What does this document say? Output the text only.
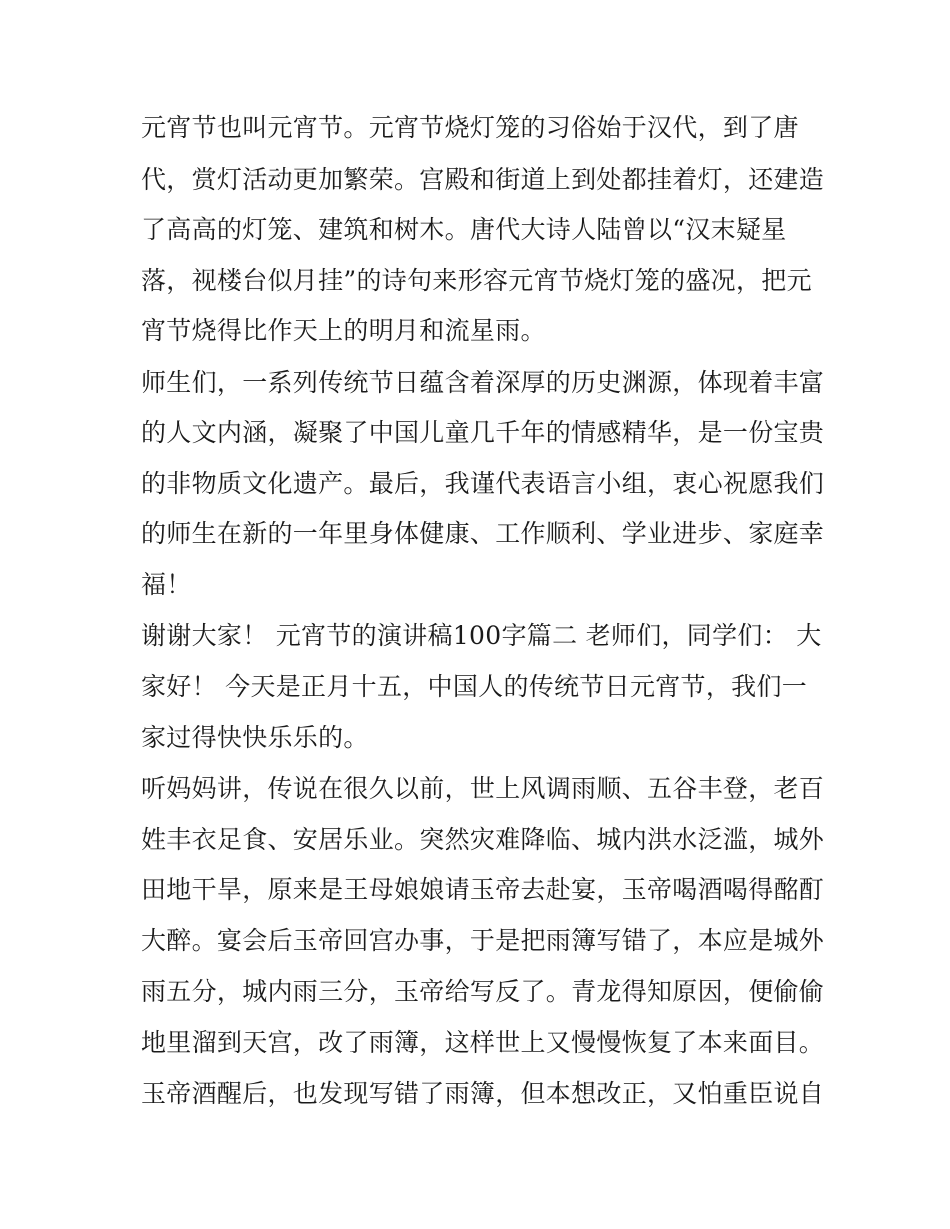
元宵节也叫元宵节。元宵节烧灯笼的习俗始于汉代，到了唐
代，赏灯活动更加繁荣。宫殿和街道上到处都挂着灯，还建造
了高高的灯笼、建筑和树木。唐代大诗人陆曾以“汉末疑星
落，视楼台似月挂”的诗句来形容元宵节烧灯笼的盛况，把元
宵节烧得比作天上的明月和流星雨。
师生们，一系列传统节日蕴含着深厚的历史渊源，体现着丰富
的人文内涵，凝聚了中国儿童几千年的情感精华，是一份宝贵
的非物质文化遗产。最后，我谨代表语言小组，衷心祝愿我们
的师生在新的一年里身体健康、工作顺利、学业进步、家庭幸
福！
谢谢大家！ 元宵节的演讲稿100字篇二 老师们，同学们： 大
家好！ 今天是正月十五，中国人的传统节日元宵节，我们一
家过得快快乐乐的。
听妈妈讲，传说在很久以前，世上风调雨顺、五谷丰登，老百
姓丰衣足食、安居乐业。突然灾难降临、城内洪水泛滥，城外
田地干旱，原来是王母娘娘请玉帝去赴宴，玉帝喝酒喝得酩酊
大醉。宴会后玉帝回宫办事，于是把雨簿写错了，本应是城外
雨五分，城内雨三分，玉帝给写反了。青龙得知原因，便偷偷
地里溜到天宫，改了雨簿，这样世上又慢慢恢复了本来面目。
玉帝酒醒后，也发现写错了雨簿，但本想改正，又怕重臣说自
